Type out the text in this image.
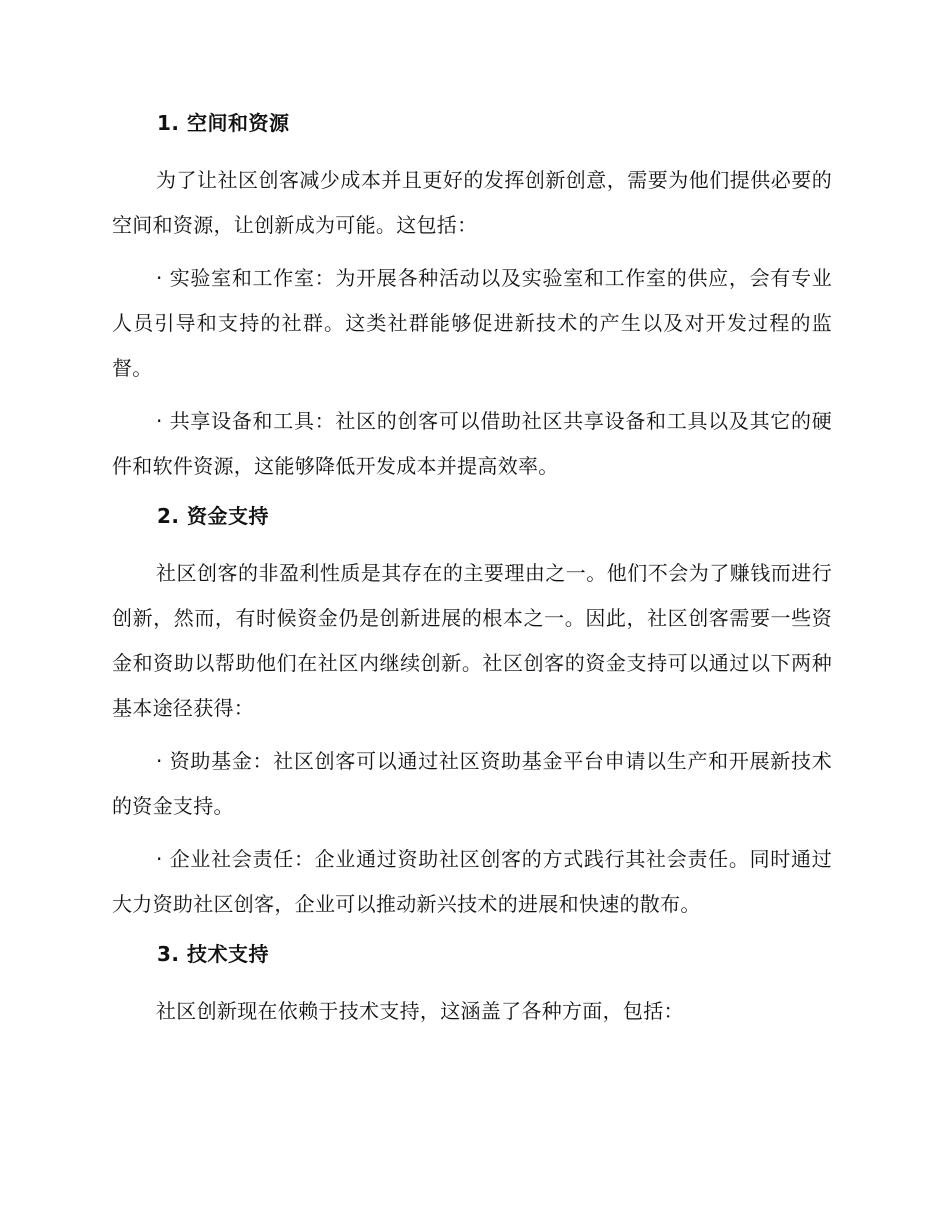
1. 空间和资源

为了让社区创客减少成本并且更好的发挥创新创意，需要为他们提供必要的空间和资源，让创新成为可能。这包括：

· 实验室和工作室：为开展各种活动以及实验室和工作室的供应，会有专业人员引导和支持的社群。这类社群能够促进新技术的产生以及对开发过程的监督。

· 共享设备和工具：社区的创客可以借助社区共享设备和工具以及其它的硬件和软件资源，这能够降低开发成本并提高效率。

2. 资金支持

社区创客的非盈利性质是其存在的主要理由之一。他们不会为了赚钱而进行创新，然而，有时候资金仍是创新进展的根本之一。因此，社区创客需要一些资金和资助以帮助他们在社区内继续创新。社区创客的资金支持可以通过以下两种基本途径获得：

· 资助基金：社区创客可以通过社区资助基金平台申请以生产和开展新技术的资金支持。

· 企业社会责任：企业通过资助社区创客的方式践行其社会责任。同时通过大力资助社区创客，企业可以推动新兴技术的进展和快速的散布。

3. 技术支持

社区创新现在依赖于技术支持，这涵盖了各种方面，包括：
